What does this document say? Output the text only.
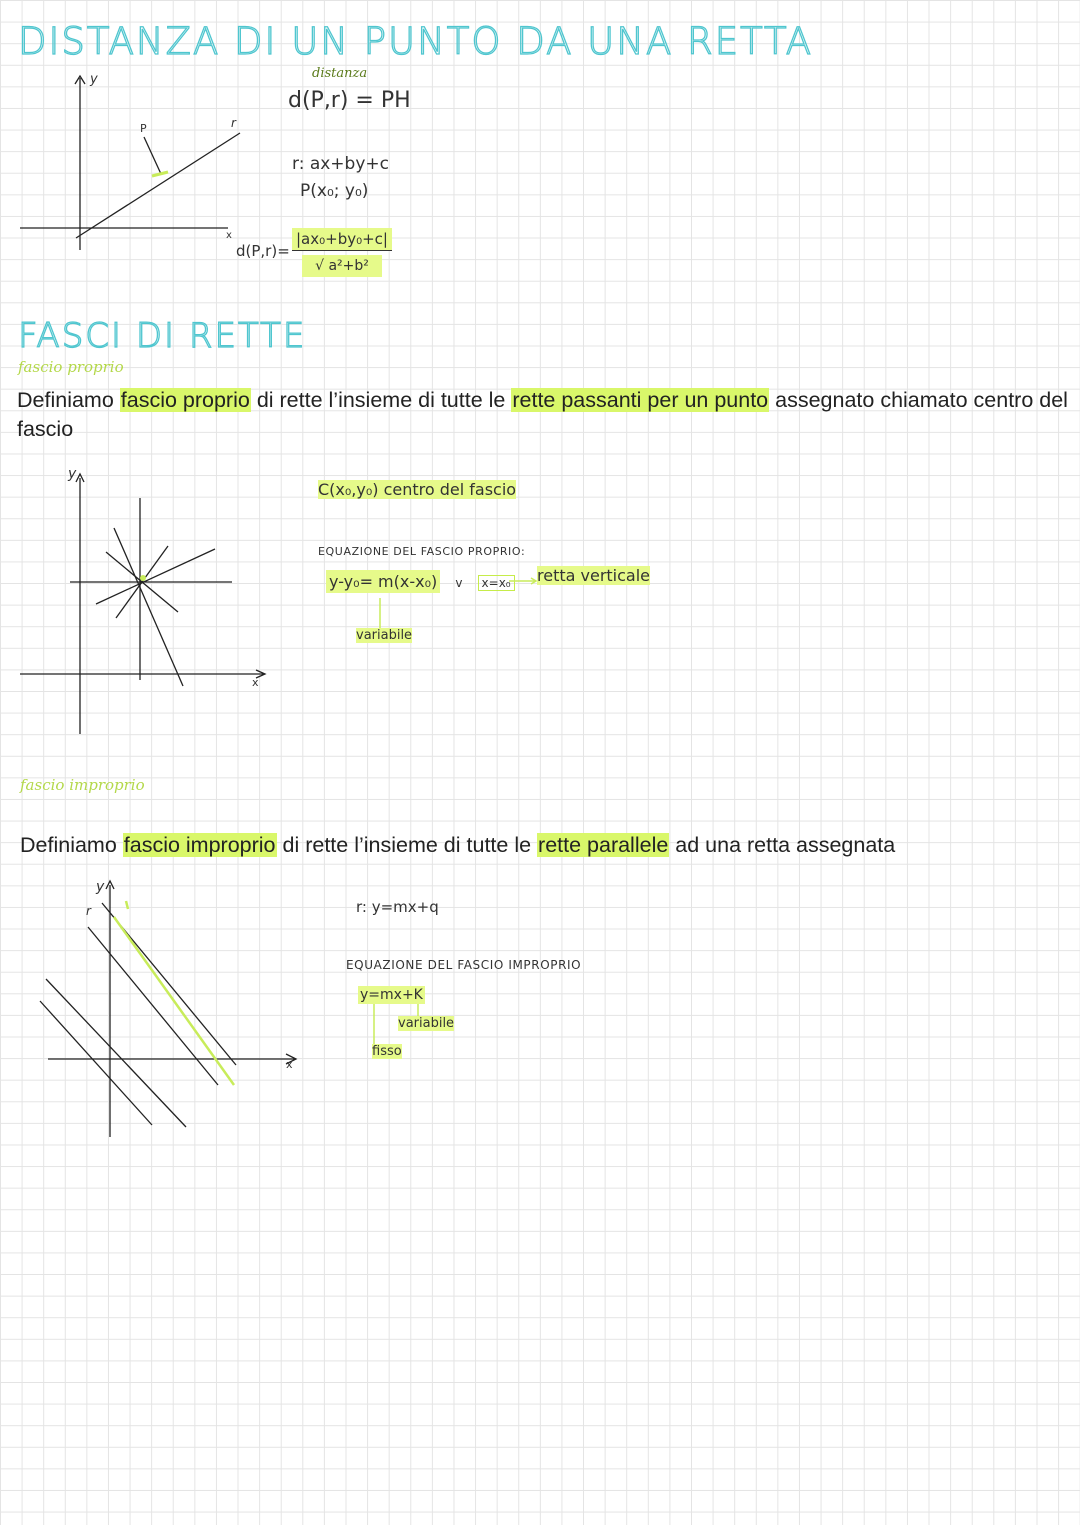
DISTANZA DI UN PUNTO DA UNA RETTA
y
P	r
x
distanza
d(P,r) = PH
r: ax+by+c
P(x₀; y₀)
$d(P,r)= \frac{\text{|ax₀+by₀+c|}}{\text{√ a²+b²}}$
FASCI DI RETTE
fascio proprio
Definiamo fascio proprio di rette l’insieme di tutte le rette passanti per un punto assegnato chiamato centro del fascio
y
x
C(x₀,y₀) centro del fascio
EQUAZIONE DEL FASCIO PROPRIO:
y-y₀= m(x-x₀) v x=x₀ retta verticale
variabile
fascio improprio
Definiamo fascio improprio di rette l’insieme di tutte le rette parallele ad una retta assegnata
y
r
x
r: y=mx+q
EQUAZIONE DEL FASCIO IMPROPRIO
y=mx+K
variabile
fisso
